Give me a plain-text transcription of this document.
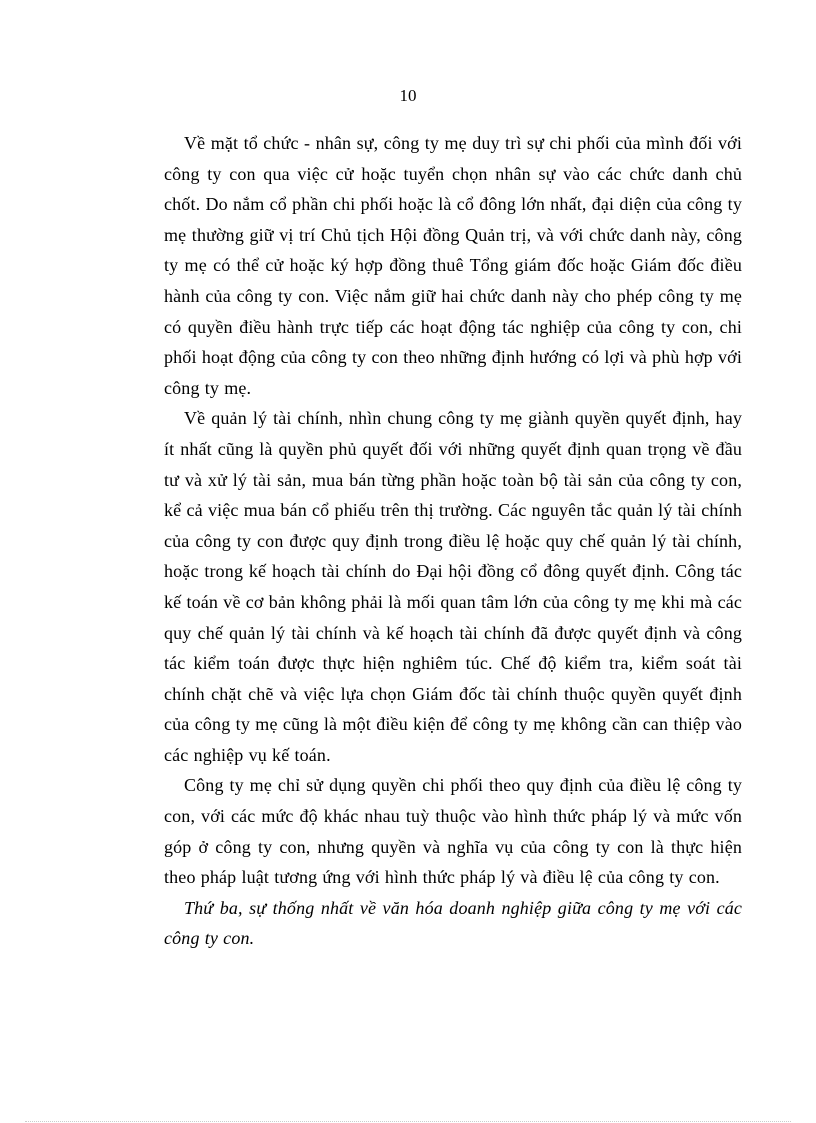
10

Về mặt tổ chức - nhân sự, công ty mẹ duy trì sự chi phối của mình đối với công ty con qua việc cử hoặc tuyển chọn nhân sự vào các chức danh chủ chốt. Do nắm cổ phần chi phối hoặc là cổ đông lớn nhất, đại diện của công ty mẹ thường giữ vị trí Chủ tịch Hội đồng Quản trị, và với chức danh này, công ty mẹ có thể cử hoặc ký hợp đồng thuê Tổng giám đốc hoặc Giám đốc điều hành của công ty con. Việc nắm giữ hai chức danh này cho phép công ty mẹ có quyền điều hành trực tiếp các hoạt động tác nghiệp của công ty con, chi phối hoạt động của công ty con theo những định hướng có lợi và phù hợp với công ty mẹ.

Về quản lý tài chính, nhìn chung công ty mẹ giành quyền quyết định, hay ít nhất cũng là quyền phủ quyết đối với những quyết định quan trọng về đầu tư và xử lý tài sản, mua bán từng phần hoặc toàn bộ tài sản của công ty con, kể cả việc mua bán cổ phiếu trên thị trường. Các nguyên tắc quản lý tài chính của công ty con được quy định trong điều lệ hoặc quy chế quản lý tài chính, hoặc trong kế hoạch tài chính do Đại hội đồng cổ đông quyết định. Công tác kế toán về cơ bản không phải là mối quan tâm lớn của công ty mẹ khi mà các quy chế quản lý tài chính và kế hoạch tài chính đã được quyết định và công tác kiểm toán được thực hiện nghiêm túc. Chế độ kiểm tra, kiểm soát tài chính chặt chẽ và việc lựa chọn Giám đốc tài chính thuộc quyền quyết định của công ty mẹ cũng là một điều kiện để công ty mẹ không cần can thiệp vào các nghiệp vụ kế toán.

Công ty mẹ chỉ sử dụng quyền chi phối theo quy định của điều lệ công ty con, với các mức độ khác nhau tuỳ thuộc vào hình thức pháp lý và mức vốn góp ở công ty con, nhưng quyền và nghĩa vụ của công ty con là thực hiện theo pháp luật tương ứng với hình thức pháp lý và điều lệ của công ty con.

Thứ ba, sự thống nhất về văn hóa doanh nghiệp giữa công ty mẹ với các công ty con.
